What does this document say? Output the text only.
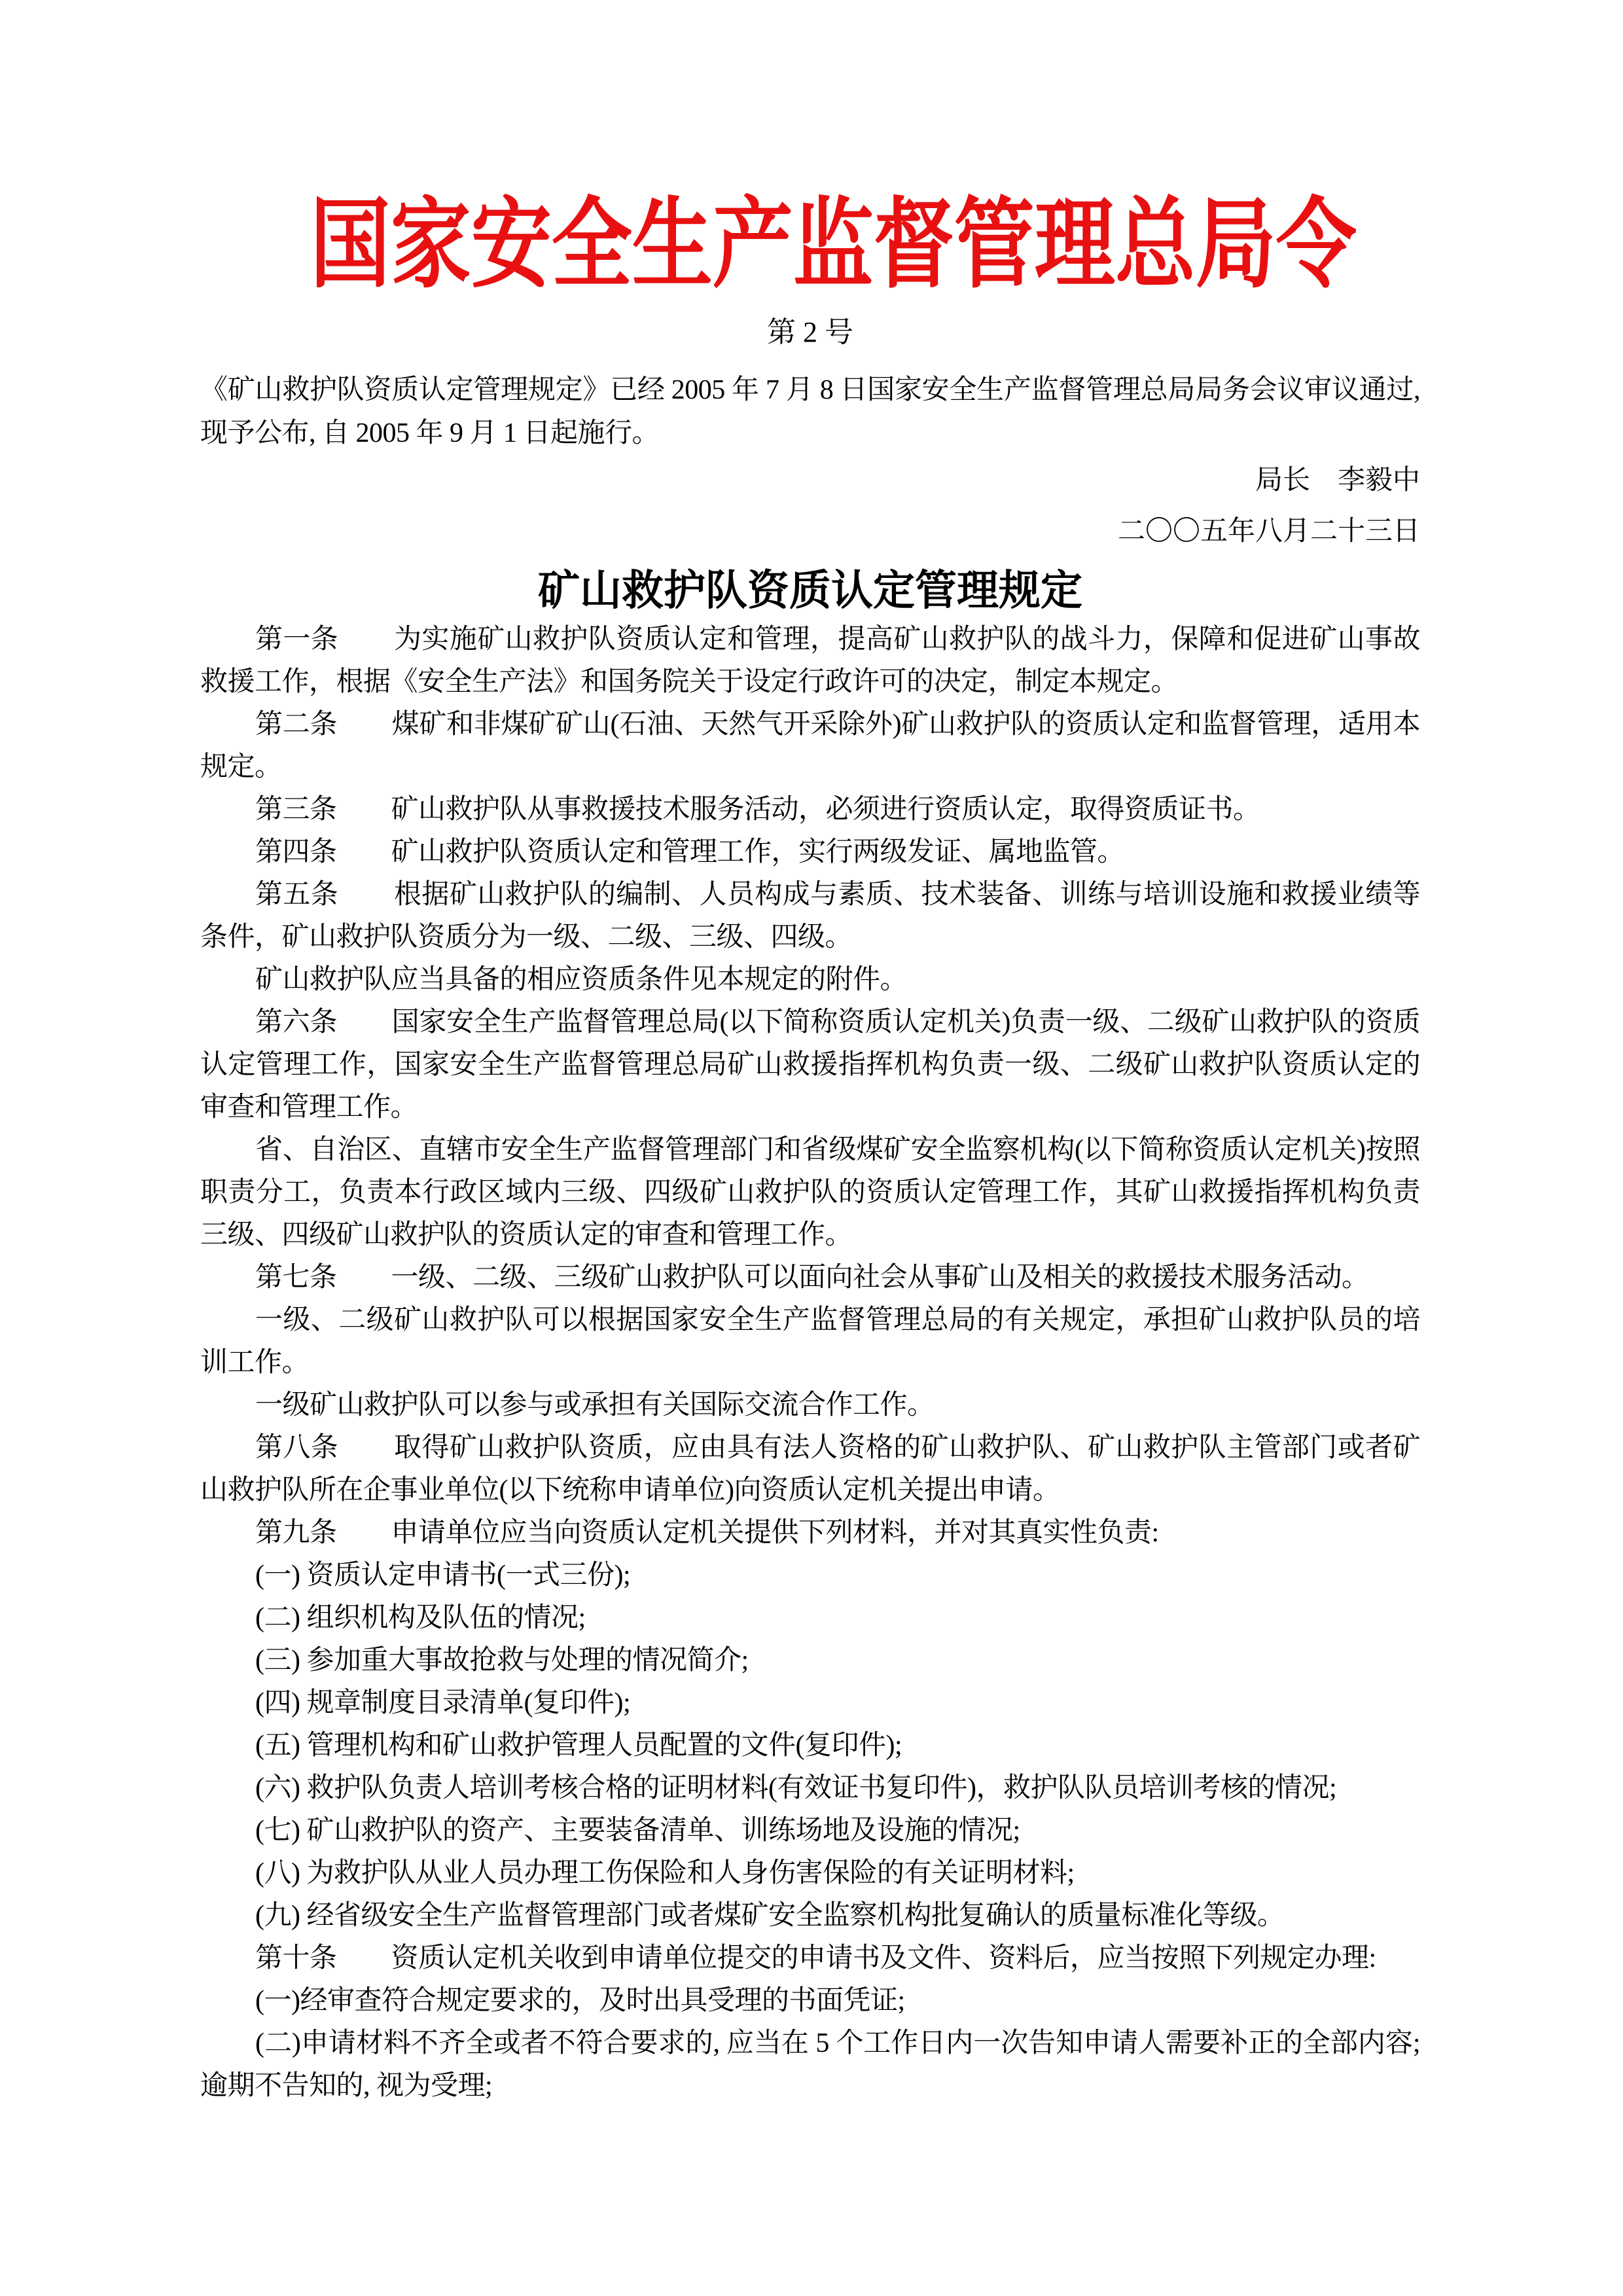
国家安全生产监督管理总局令
第 2 号

《矿山救护队资质认定管理规定》已经 2005 年 7 月 8 日国家安全生产监督管理总局局务会议审议通过, 现予公布, 自 2005 年 9 月 1 日起施行。

局长　李毅中
二〇〇五年八月二十三日
矿山救护队资质认定管理规定

第一条　　为实施矿山救护队资质认定和管理，提高矿山救护队的战斗力，保障和促进矿山事故救援工作，根据《安全生产法》和国务院关于设定行政许可的决定，制定本规定。

第二条　　煤矿和非煤矿矿山(石油、天然气开采除外)矿山救护队的资质认定和监督管理，适用本规定。

第三条　　矿山救护队从事救援技术服务活动，必须进行资质认定，取得资质证书。

第四条　　矿山救护队资质认定和管理工作，实行两级发证、属地监管。

第五条　　根据矿山救护队的编制、人员构成与素质、技术装备、训练与培训设施和救援业绩等条件，矿山救护队资质分为一级、二级、三级、四级。

矿山救护队应当具备的相应资质条件见本规定的附件。

第六条　　国家安全生产监督管理总局(以下简称资质认定机关)负责一级、二级矿山救护队的资质认定管理工作，国家安全生产监督管理总局矿山救援指挥机构负责一级、二级矿山救护队资质认定的审查和管理工作。

省、自治区、直辖市安全生产监督管理部门和省级煤矿安全监察机构(以下简称资质认定机关)按照职责分工，负责本行政区域内三级、四级矿山救护队的资质认定管理工作，其矿山救援指挥机构负责三级、四级矿山救护队的资质认定的审查和管理工作。

第七条　　一级、二级、三级矿山救护队可以面向社会从事矿山及相关的救援技术服务活动。

一级、二级矿山救护队可以根据国家安全生产监督管理总局的有关规定，承担矿山救护队员的培训工作。

一级矿山救护队可以参与或承担有关国际交流合作工作。

第八条　　取得矿山救护队资质，应由具有法人资格的矿山救护队、矿山救护队主管部门或者矿山救护队所在企事业单位(以下统称申请单位)向资质认定机关提出申请。

第九条　　申请单位应当向资质认定机关提供下列材料，并对其真实性负责:

(一) 资质认定申请书(一式三份);

(二) 组织机构及队伍的情况;

(三) 参加重大事故抢救与处理的情况简介;

(四) 规章制度目录清单(复印件);

(五) 管理机构和矿山救护管理人员配置的文件(复印件);

(六) 救护队负责人培训考核合格的证明材料(有效证书复印件)，救护队队员培训考核的情况;

(七) 矿山救护队的资产、主要装备清单、训练场地及设施的情况;

(八) 为救护队从业人员办理工伤保险和人身伤害保险的有关证明材料;

(九) 经省级安全生产监督管理部门或者煤矿安全监察机构批复确认的质量标准化等级。

第十条　　资质认定机关收到申请单位提交的申请书及文件、资料后，应当按照下列规定办理:

(一)经审查符合规定要求的，及时出具受理的书面凭证;

(二)申请材料不齐全或者不符合要求的, 应当在 5 个工作日内一次告知申请人需要补正的全部内容; 逾期不告知的, 视为受理;
